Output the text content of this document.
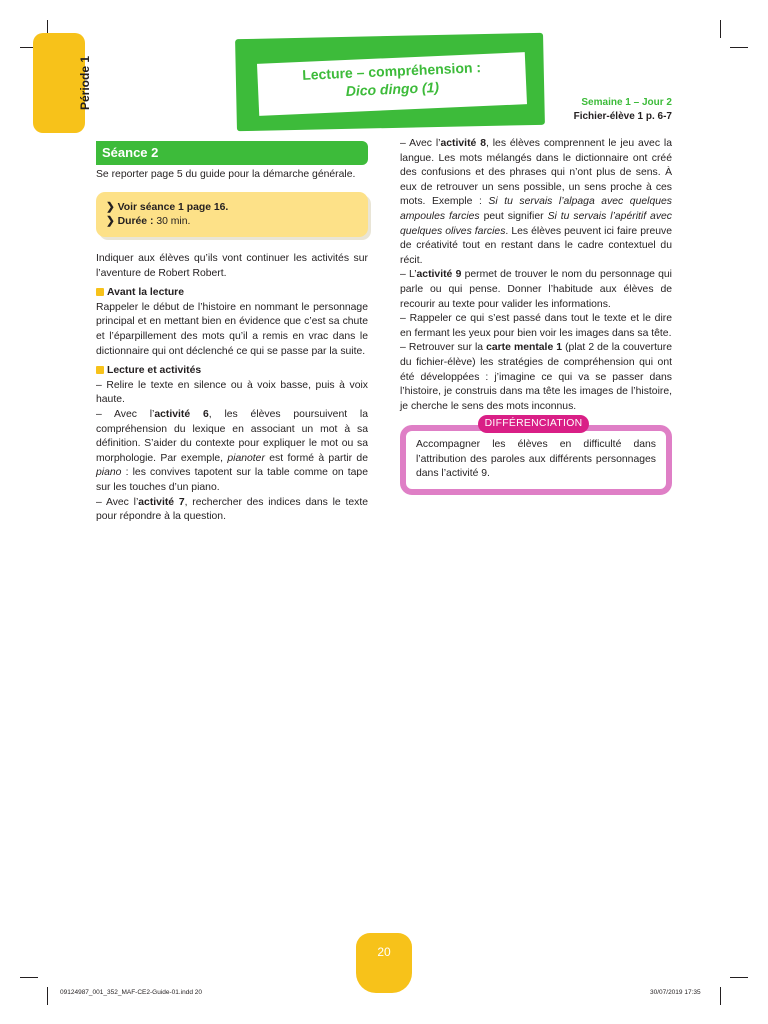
Période 1	Lecture – compréhension :
Dico dingo (1)
Semaine 1 – Jour 2
Fichier-élève 1 p. 6-7
Séance 2

Se reporter page 5 du guide pour la démarche générale.

❯ Voir séance 1 page 16.
❯ Durée : 30 min.

Indiquer aux élèves qu’ils vont continuer les activités sur l’aventure de Robert Robert.

Avant la lecture

Rappeler le début de l’histoire en nommant le personnage principal et en mettant bien en évidence que c’est sa chute et l’éparpillement des mots qu’il a remis en vrac dans le dictionnaire qui ont déclenché ce qui se passe par la suite.

Lecture et activités

– Relire le texte en silence ou à voix basse, puis à voix haute.

– Avec l’activité 6, les élèves poursuivent la compréhension du lexique en associant un mot à sa définition. S’aider du contexte pour expliquer le mot ou sa morphologie. Par exemple, pianoter est formé à partir de piano : les convives tapotent sur la table comme on tape sur les touches d’un piano.

– Avec l’activité 7, rechercher des indices dans le texte pour répondre à la question.

– Avec l’activité 8, les élèves comprennent le jeu avec la langue. Les mots mélangés dans le dictionnaire ont créé des confusions et des phrases qui n’ont plus de sens. À eux de retrouver un sens possible, un sens proche à ces mots. Exemple : Si tu servais l’alpaga avec quelques ampoules farcies peut signifier Si tu servais l’apéritif avec quelques olives farcies. Les élèves peuvent ici faire preuve de créativité tout en restant dans le cadre contextuel du récit.

– L’activité 9 permet de trouver le nom du personnage qui parle ou qui pense. Donner l’habitude aux élèves de recourir au texte pour valider les informations.

– Rappeler ce qui s’est passé dans tout le texte et le dire en fermant les yeux pour bien voir les images dans sa tête.

– Retrouver sur la carte mentale 1 (plat 2 de la couverture du fichier-élève) les stratégies de compréhension qui ont été développées : j’imagine ce qui va se passer dans l’histoire, je construis dans ma tête les images de l’histoire, je cherche le sens des mots inconnus.

DIFFÉRENCIATION
Accompagner les élèves en difficulté dans l’attribution des paroles aux différents personnages dans l’activité 9.
20
09124987_001_352_MAF-CE2-Guide-01.indd 20	30/07/2019 17:35
